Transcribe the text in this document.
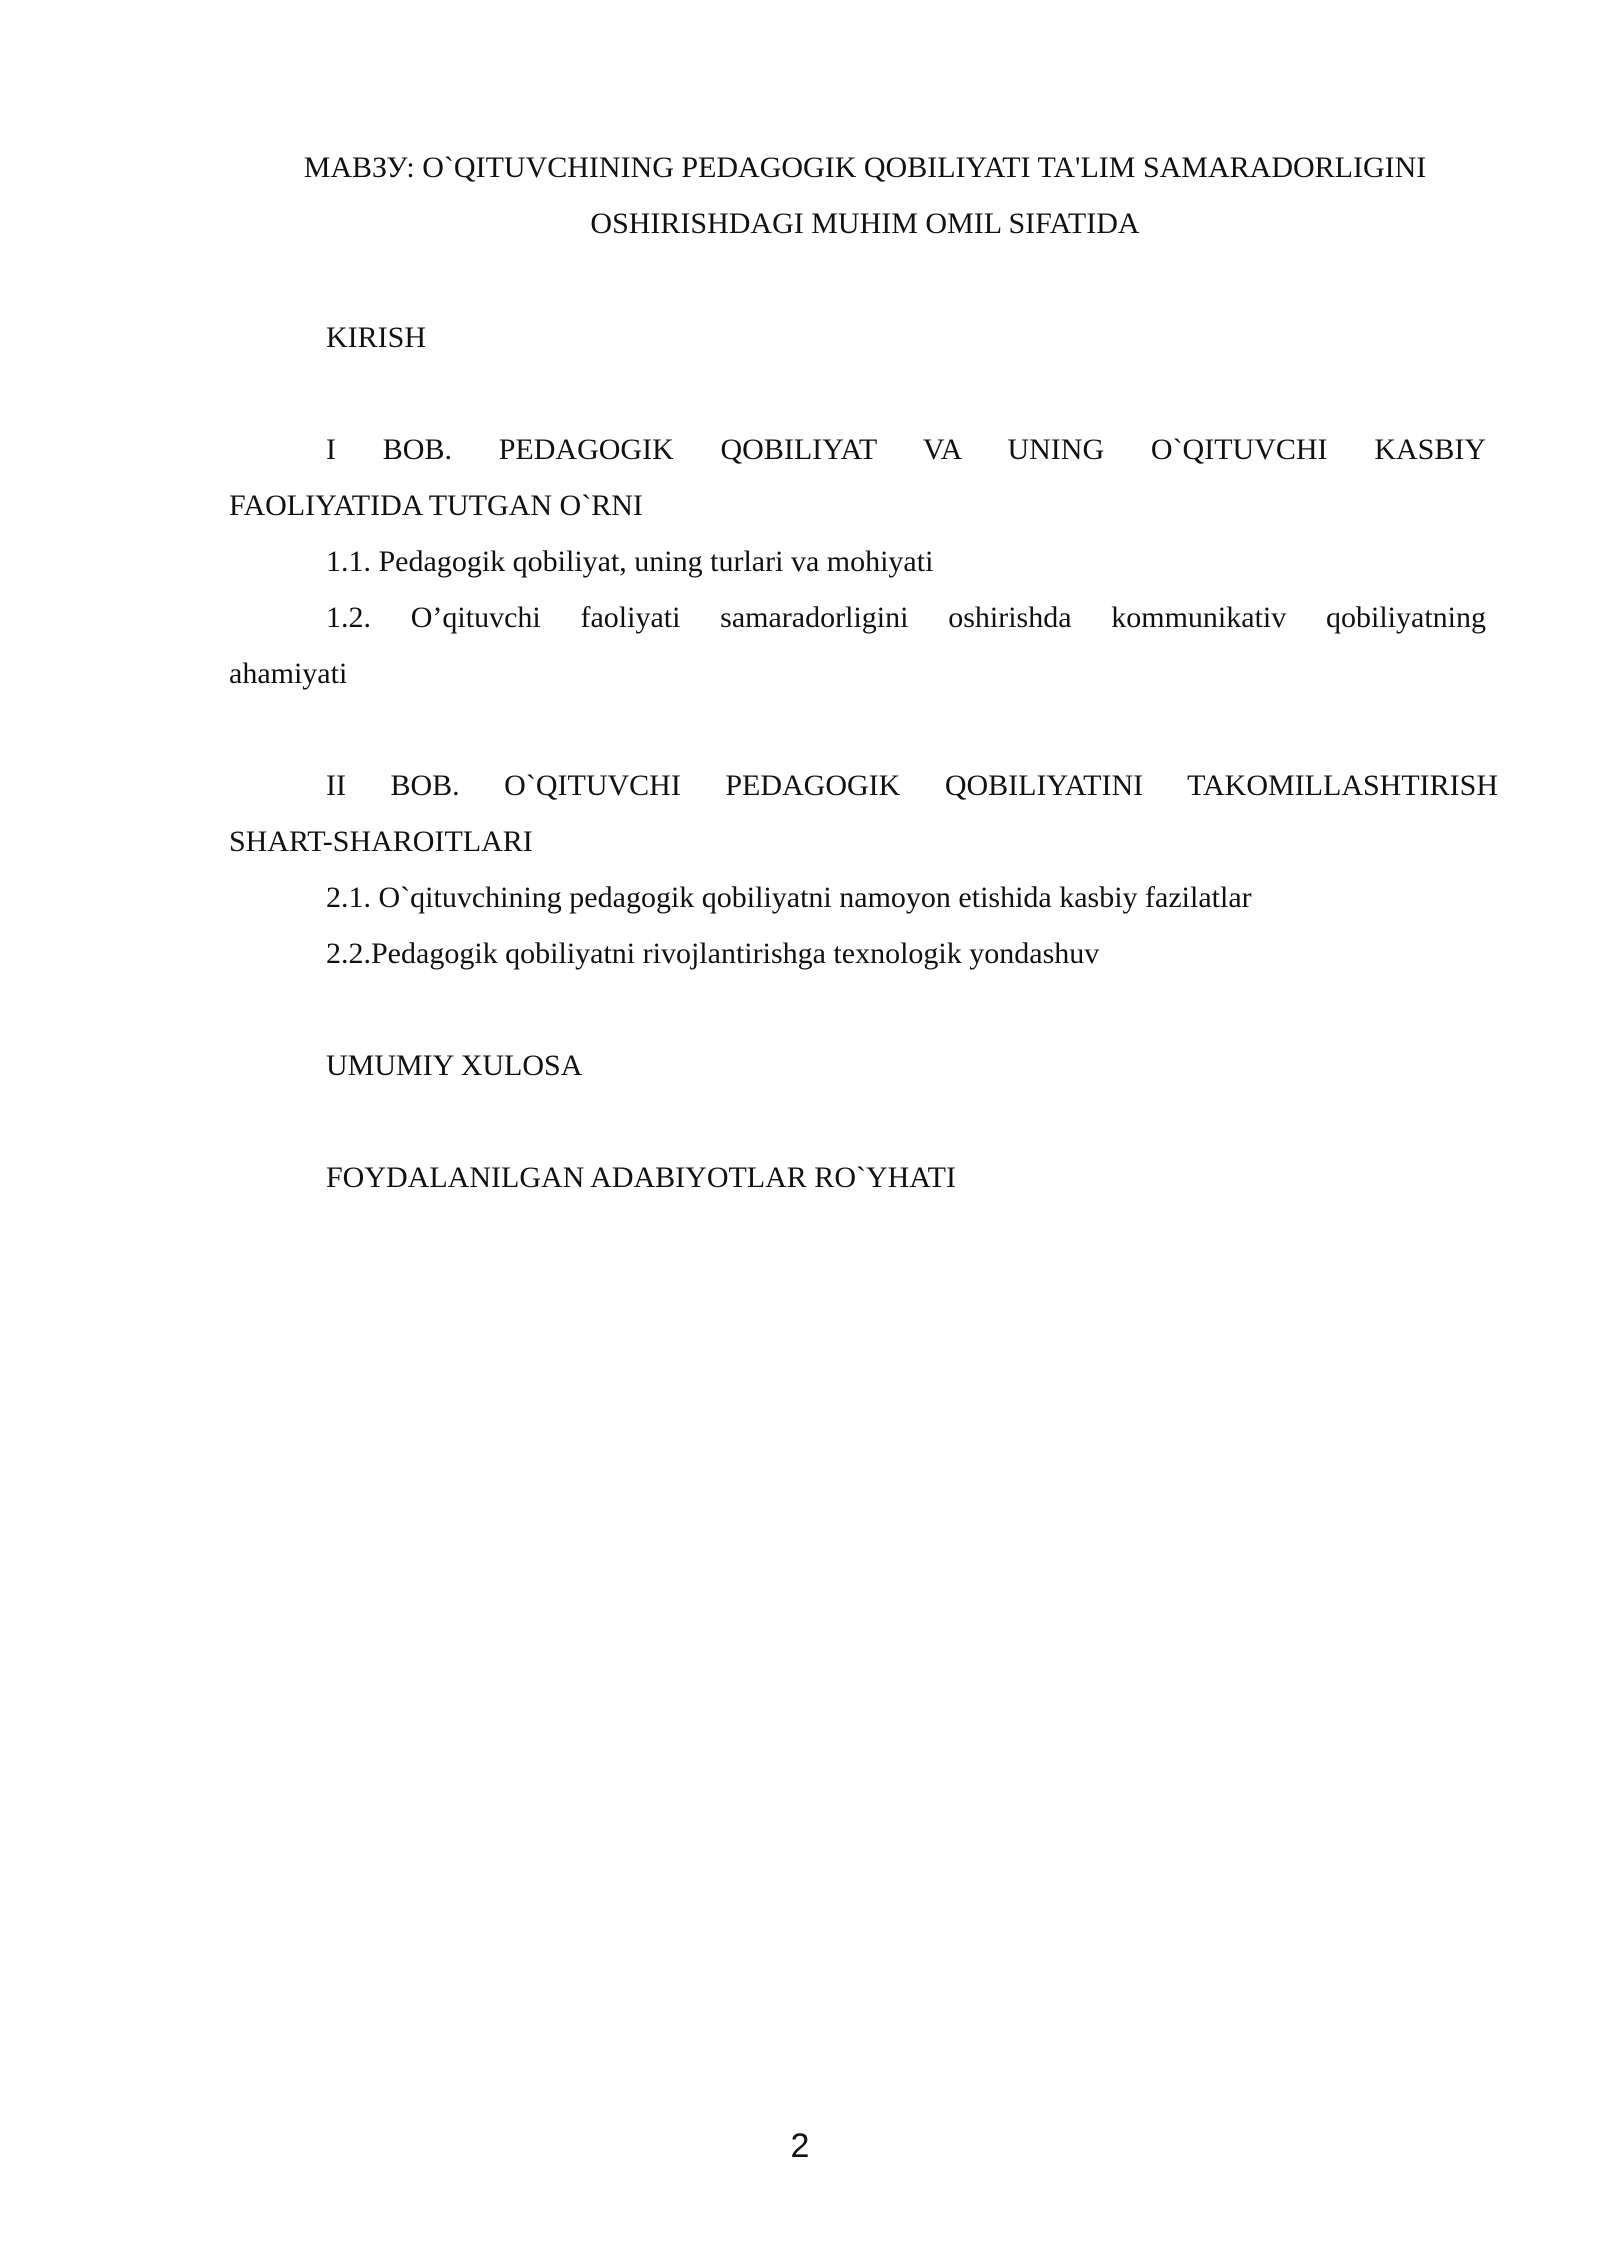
МАВЗУ: O`QITUVCHINING PEDAGOGIK QOBILIYATI TA'LIM SAMARADORLIGINI

OSHIRISHDAGI MUHIM OMIL SIFATIDA

KIRISH

I BOB. PEDAGOGIK QOBILIYAT VA UNING O`QITUVCHI KASBIY

FAOLIYATIDA TUTGAN O`RNI

1.1. Pedagogik qobiliyat, uning turlari va mohiyati

1.2. O’qituvchi faoliyati samaradorligini oshirishda kommunikativ qobiliyatning

ahamiyati

II BOB. O`QITUVCHI PEDAGOGIK QOBILIYATINI TAKOMILLASHTIRISH

SHART-SHAROITLARI

2.1. O`qituvchining pedagogik qobiliyatni namoyon etishida kasbiy fazilatlar

2.2.Pedagogik qobiliyatni rivojlantirishga texnologik yondashuv

UMUMIY XULOSA

FOYDALANILGAN ADABIYOTLAR RO`YHATI

2
